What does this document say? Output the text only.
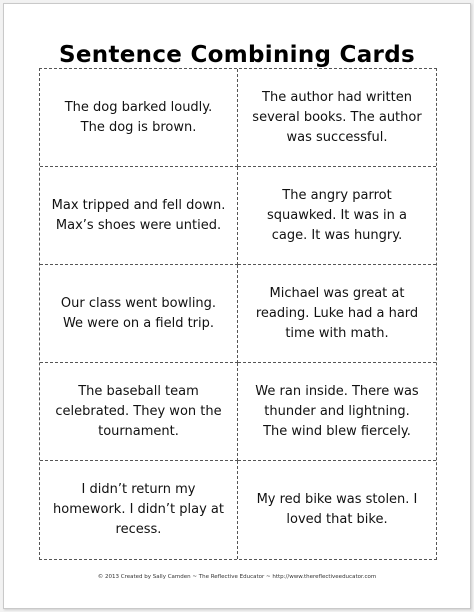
Sentence Combining Cards
The dog barked loudly.
The dog is brown.
The author had written
several books. The author
was successful.
Max tripped and fell down.
Max’s shoes were untied.
The angry parrot
squawked. It was in a
cage. It was hungry.
Our class went bowling.
We were on a field trip.
Michael was great at
reading. Luke had a hard
time with math.
The baseball team
celebrated. They won the
tournament.
We ran inside. There was
thunder and lightning.
The wind blew fiercely.
I didn’t return my
homework. I didn’t play at
recess.
My red bike was stolen. I
loved that bike.
© 2013 Created by Sally Camden ~ The Reflective Educator ~ http://www.thereflectiveeducator.com
